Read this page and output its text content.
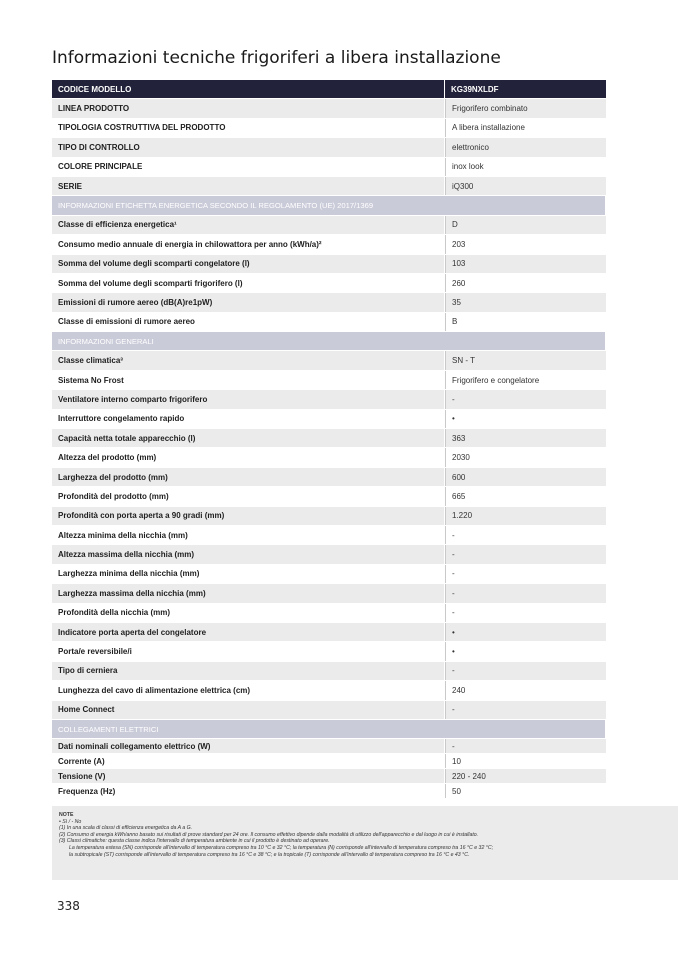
Informazioni tecniche frigoriferi a libera installazione
CODICE MODELLO	KG39NXLDF
LINEA PRODOTTO	Frigorifero combinato
TIPOLOGIA COSTRUTTIVA DEL PRODOTTO	A libera installazione
TIPO DI CONTROLLO	elettronico
COLORE PRINCIPALE	inox look
SERIE	iQ300
INFORMAZIONI ETICHETTA ENERGETICA SECONDO IL REGOLAMENTO (UE) 2017/1369
Classe di efficienza energetica¹	D
Consumo medio annuale di energia in chilowattora per anno (kWh/a)²	203
Somma del volume degli scomparti congelatore (l)	103
Somma del volume degli scomparti frigorifero (l)	260
Emissioni di rumore aereo (dB(A)re1pW)	35
Classe di emissioni di rumore aereo	B
INFORMAZIONI GENERALI
Classe climatica³	SN - T
Sistema No Frost	Frigorifero e congelatore
Ventilatore interno comparto frigorifero	-
Interruttore congelamento rapido	•
Capacità netta totale apparecchio (l)	363
Altezza del prodotto (mm)	2030
Larghezza del prodotto (mm)	600
Profondità del prodotto (mm)	665
Profondità con porta aperta a 90 gradi (mm)	1.220
Altezza minima della nicchia (mm)	-
Altezza massima della nicchia (mm)	-
Larghezza minima della nicchia (mm)	-
Larghezza massima della nicchia (mm)	-
Profondità della nicchia (mm)	-
Indicatore porta aperta del congelatore	•
Porta/e reversibile/i	•
Tipo di cerniera	-
Lunghezza del cavo di alimentazione elettrica (cm)	240
Home Connect	-
COLLEGAMENTI ELETTRICI
Dati nominali collegamento elettrico (W)	-
Corrente (A)	10
Tensione (V)	220 - 240
Frequenza (Hz)	50
NOTE
• Sì / - No
(1) In una scala di classi di efficienza energetica da A a G.
(2) Consumo di energia kWh/anno basato sui risultati di prove standard per 24 ore. Il consumo effettivo dipende dalla modalità di utilizzo dell'apparecchio e dal luogo in cui è installato.
(3) Classi climatiche: questa classe indica l'intervallo di temperatura ambiente in cui il prodotto è destinato ad operare.
La temperatura estesa (SN) corrisponde all'intervallo di temperatura compreso tra 10 °C e 32 °C; la temperatura (N) corrisponde all'intervallo di temperatura compreso tra 16 °C e 32 °C;
la subtropicale (ST) corrisponde all'intervallo di temperatura compreso tra 16 °C e 38 °C; e la tropicale (T) corrisponde all'intervallo di temperatura compreso tra 16 °C e 43 °C.
338
